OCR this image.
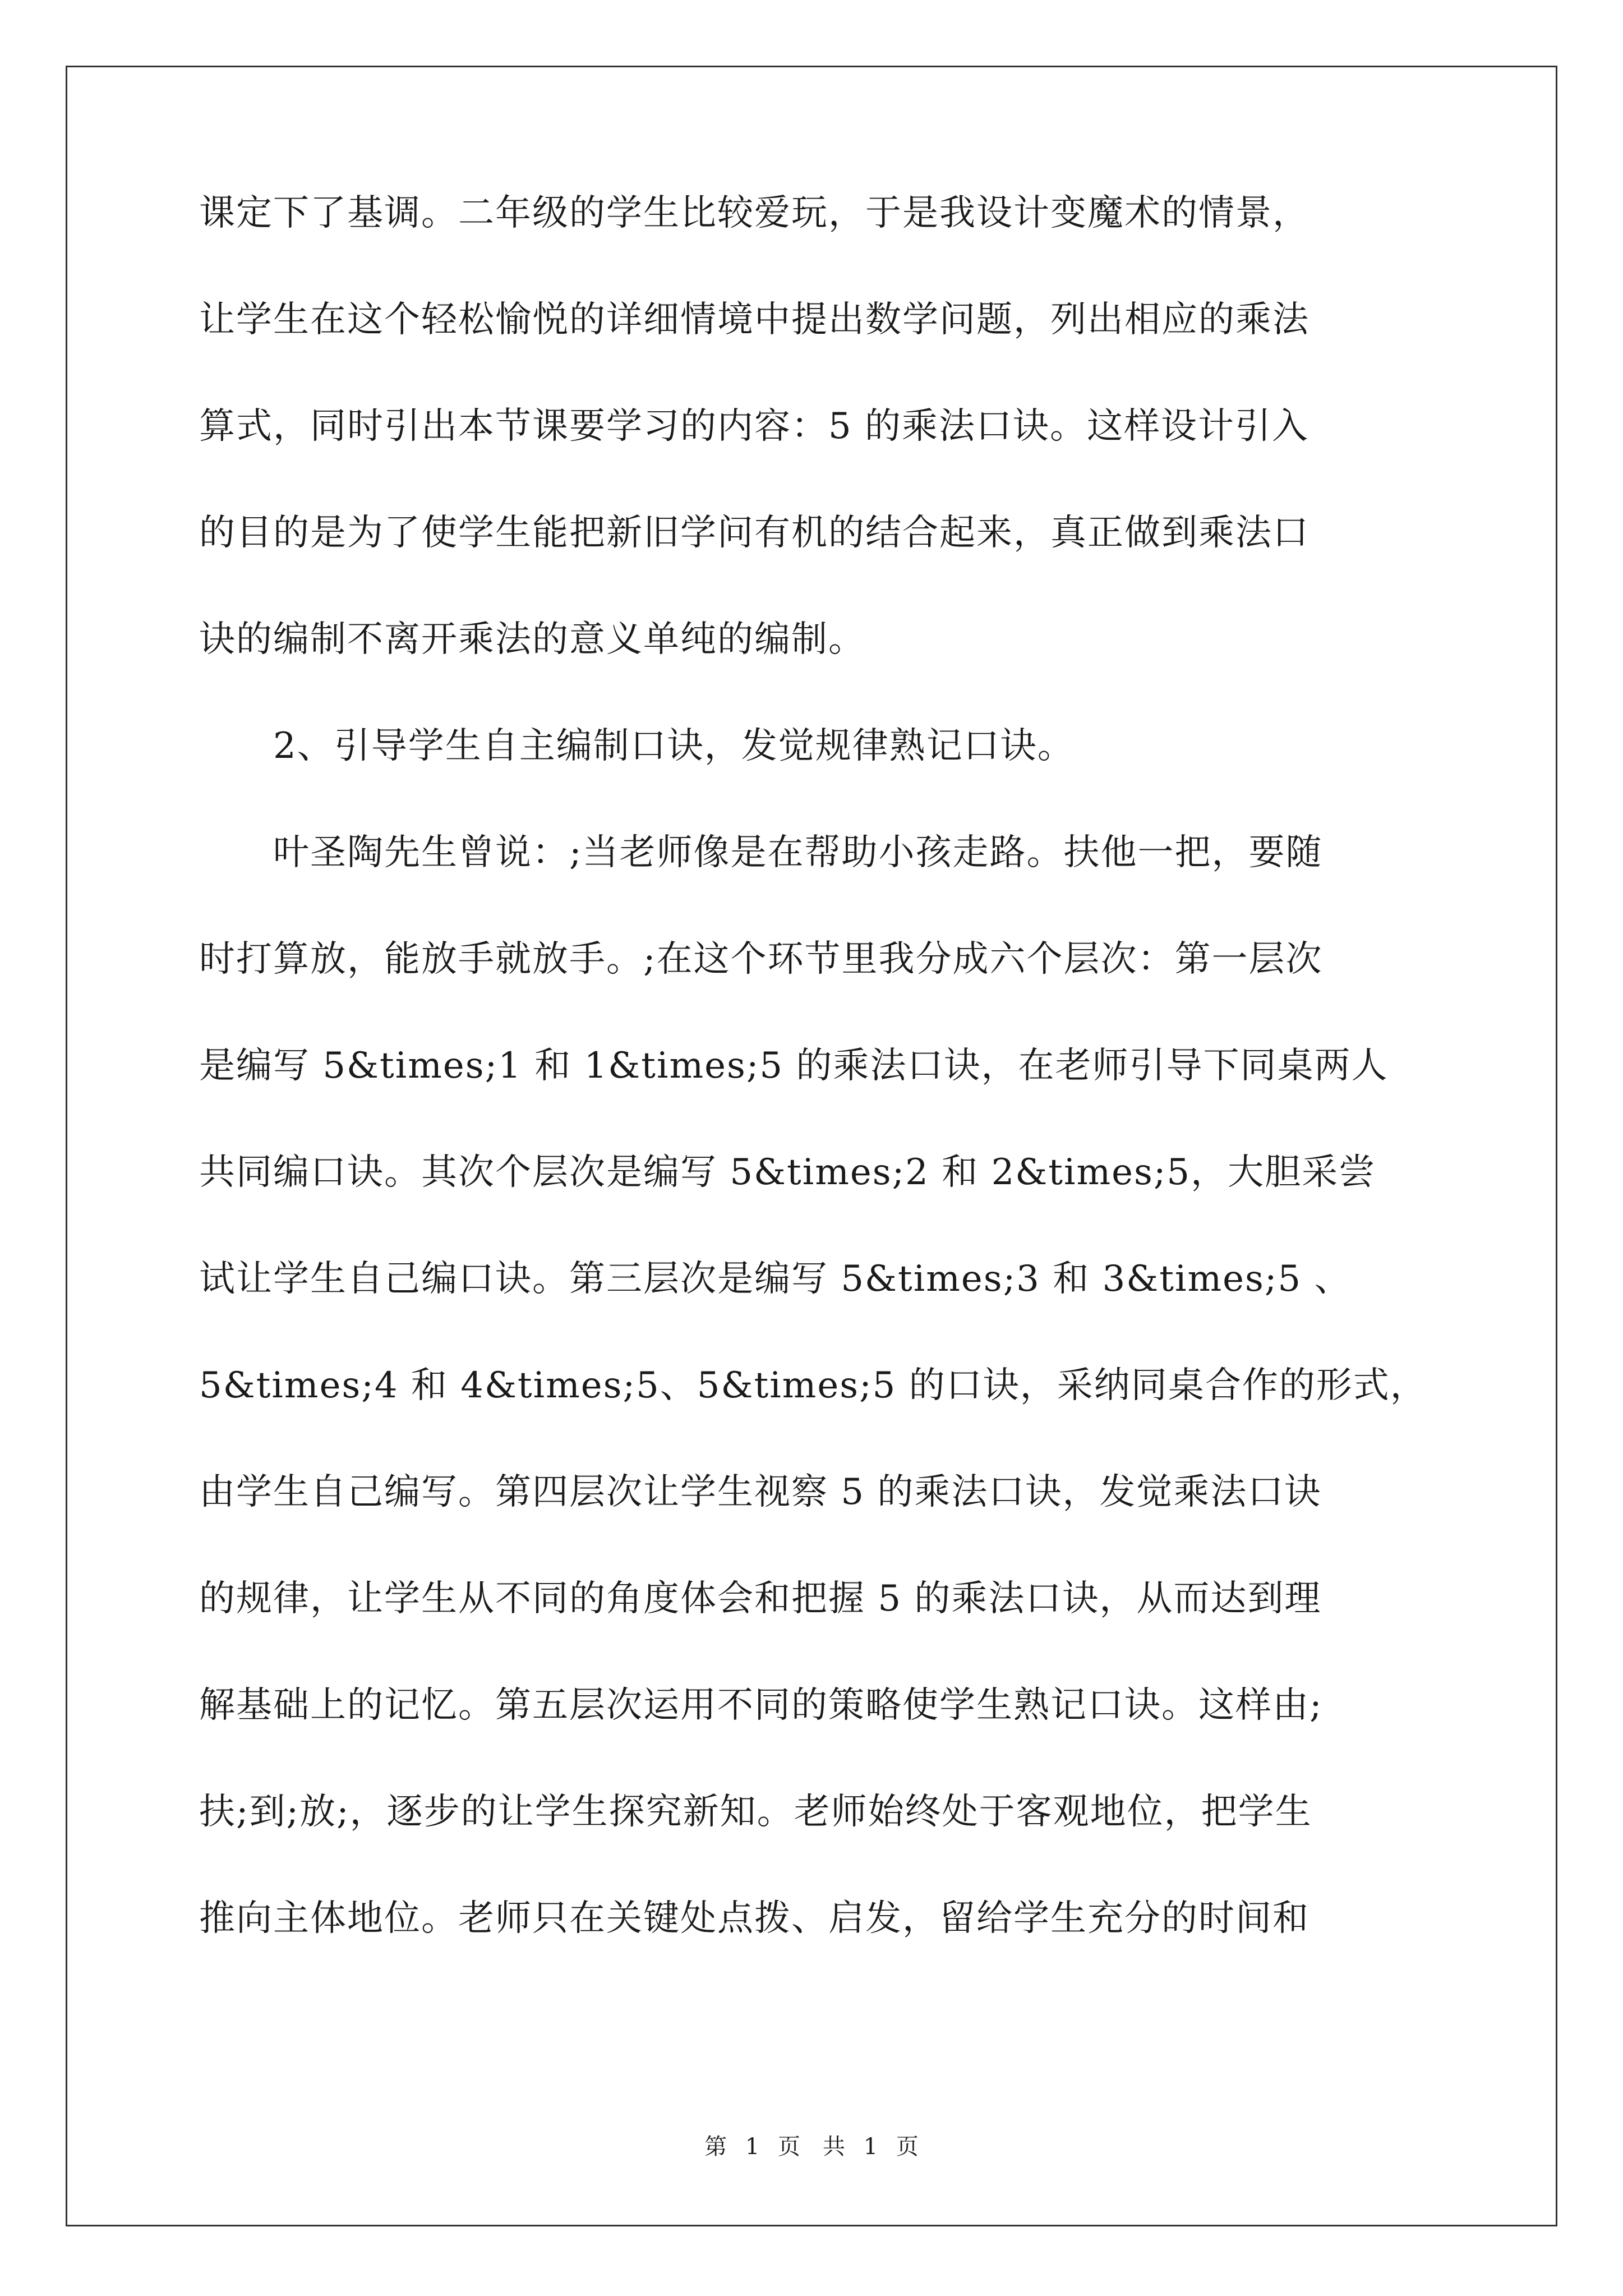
课定下了基调。二年级的学生比较爱玩，于是我设计变魔术的情景，
让学生在这个轻松愉悦的详细情境中提出数学问题，列出相应的乘法
算式，同时引出本节课要学习的内容：5 的乘法口诀。这样设计引入
的目的是为了使学生能把新旧学问有机的结合起来，真正做到乘法口
诀的编制不离开乘法的意义单纯的编制。
　　2、引导学生自主编制口诀，发觉规律熟记口诀。
　　叶圣陶先生曾说：;当老师像是在帮助小孩走路。扶他一把，要随
时打算放，能放手就放手。;在这个环节里我分成六个层次：第一层次
是编写 5&times;1 和 1&times;5 的乘法口诀，在老师引导下同桌两人
共同编口诀。其次个层次是编写 5&times;2 和 2&times;5，大胆采尝
试让学生自己编口诀。第三层次是编写 5&times;3 和 3&times;5 、
5&times;4 和 4&times;5、5&times;5 的口诀，采纳同桌合作的形式，
由学生自己编写。第四层次让学生视察 5 的乘法口诀，发觉乘法口诀
的规律，让学生从不同的角度体会和把握 5 的乘法口诀，从而达到理
解基础上的记忆。第五层次运用不同的策略使学生熟记口诀。这样由;
扶;到;放;，逐步的让学生探究新知。老师始终处于客观地位，把学生
推向主体地位。老师只在关键处点拨、启发，留给学生充分的时间和
第 1 页　共 1 页
